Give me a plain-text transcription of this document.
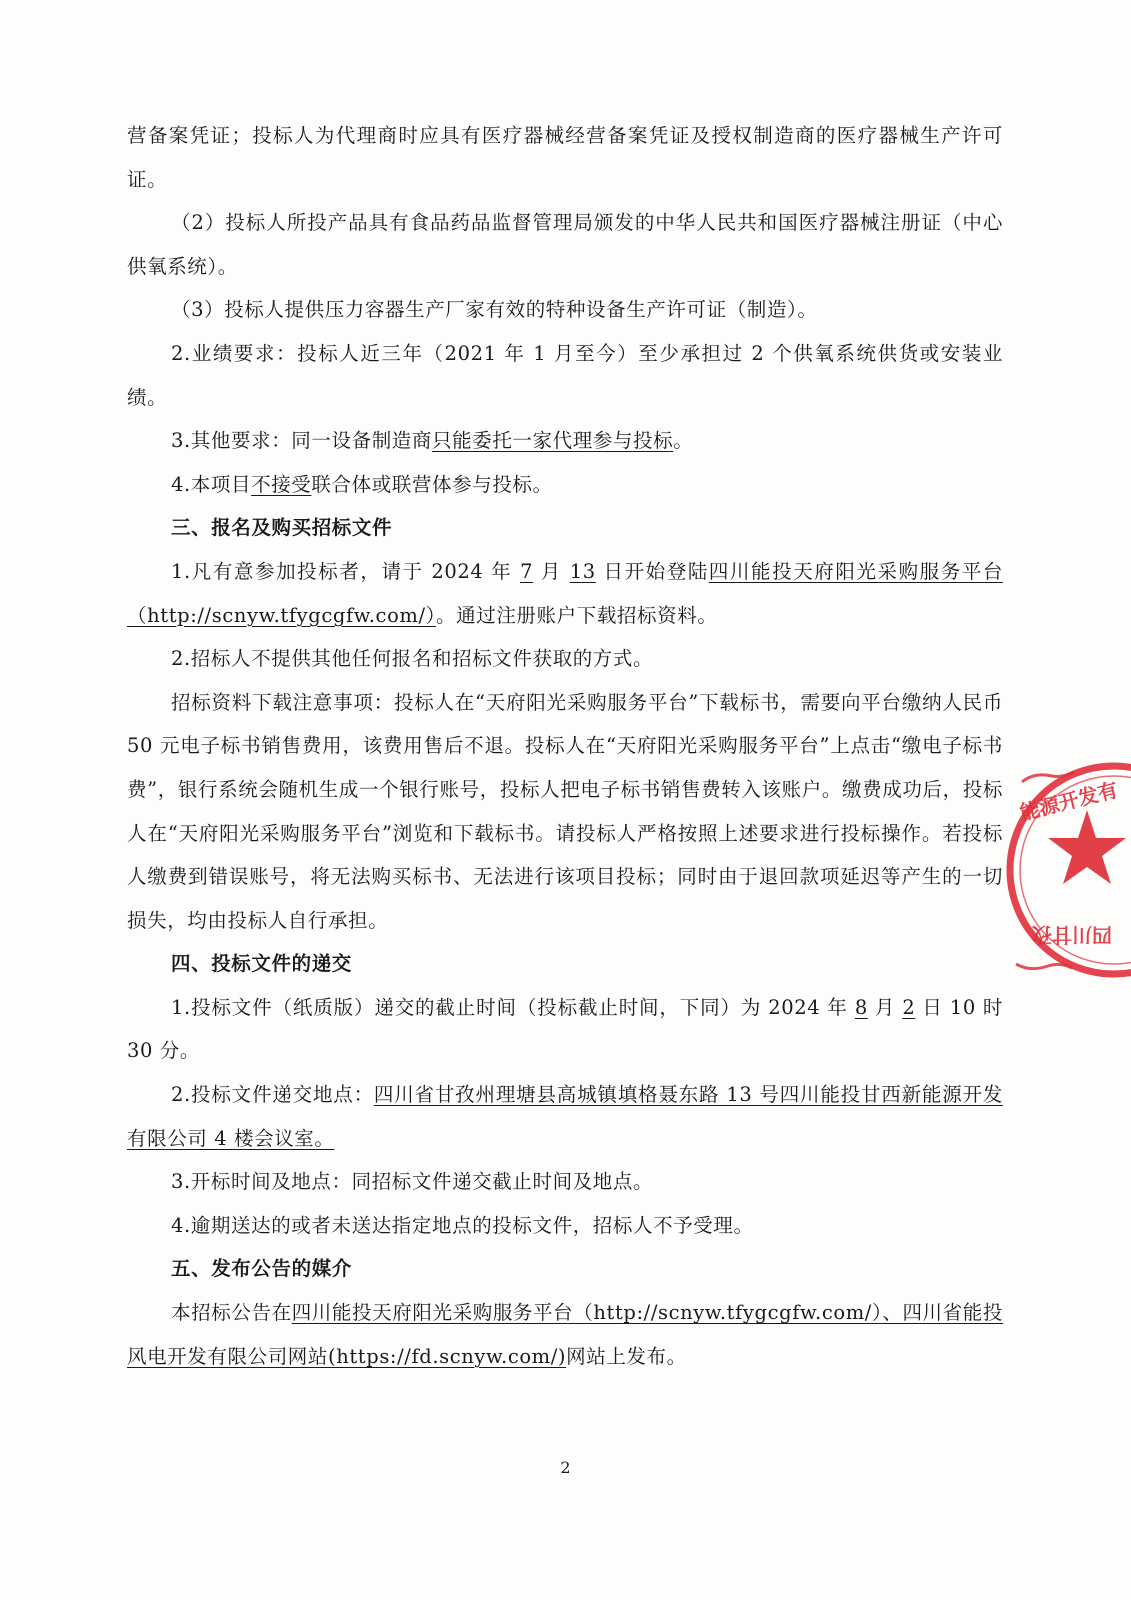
营备案凭证；投标人为代理商时应具有医疗器械经营备案凭证及授权制造商的医疗器械生产许可证。

（2）投标人所投产品具有食品药品监督管理局颁发的中华人民共和国医疗器械注册证（中心供氧系统）。

（3）投标人提供压力容器生产厂家有效的特种设备生产许可证（制造）。

2.业绩要求：投标人近三年（2021 年 1 月至今）至少承担过 2 个供氧系统供货或安装业绩。

3.其他要求：同一设备制造商只能委托一家代理参与投标。

4.本项目不接受联合体或联营体参与投标。

三、报名及购买招标文件

1.凡有意参加投标者，请于 2024 年 7 月 13 日开始登陆四川能投天府阳光采购服务平台（http://scnyw.tfygcgfw.com/）。通过注册账户下载招标资料。

2.招标人不提供其他任何报名和招标文件获取的方式。

招标资料下载注意事项：投标人在“天府阳光采购服务平台”下载标书，需要向平台缴纳人民币 50 元电子标书销售费用，该费用售后不退。投标人在“天府阳光采购服务平台”上点击“缴电子标书费”，银行系统会随机生成一个银行账号，投标人把电子标书销售费转入该账户。缴费成功后，投标人在“天府阳光采购服务平台”浏览和下载标书。请投标人严格按照上述要求进行投标操作。若投标人缴费到错误账号，将无法购买标书、无法进行该项目投标；同时由于退回款项延迟等产生的一切损失，均由投标人自行承担。

四、投标文件的递交

1.投标文件（纸质版）递交的截止时间（投标截止时间，下同）为 2024 年 8 月 2 日 10 时 30 分。

2.投标文件递交地点：四川省甘孜州理塘县高城镇填格聂东路 13 号四川能投甘西新能源开发有限公司 4 楼会议室。

3.开标时间及地点：同招标文件递交截止时间及地点。

4.逾期送达的或者未送达指定地点的投标文件，招标人不予受理。

五、发布公告的媒介

本招标公告在四川能投天府阳光采购服务平台（http://scnyw.tfygcgfw.com/）、四川省能投风电开发有限公司网站(https://fd.scnyw.com/)网站上发布。

能源开发有
四川甘孜
2
